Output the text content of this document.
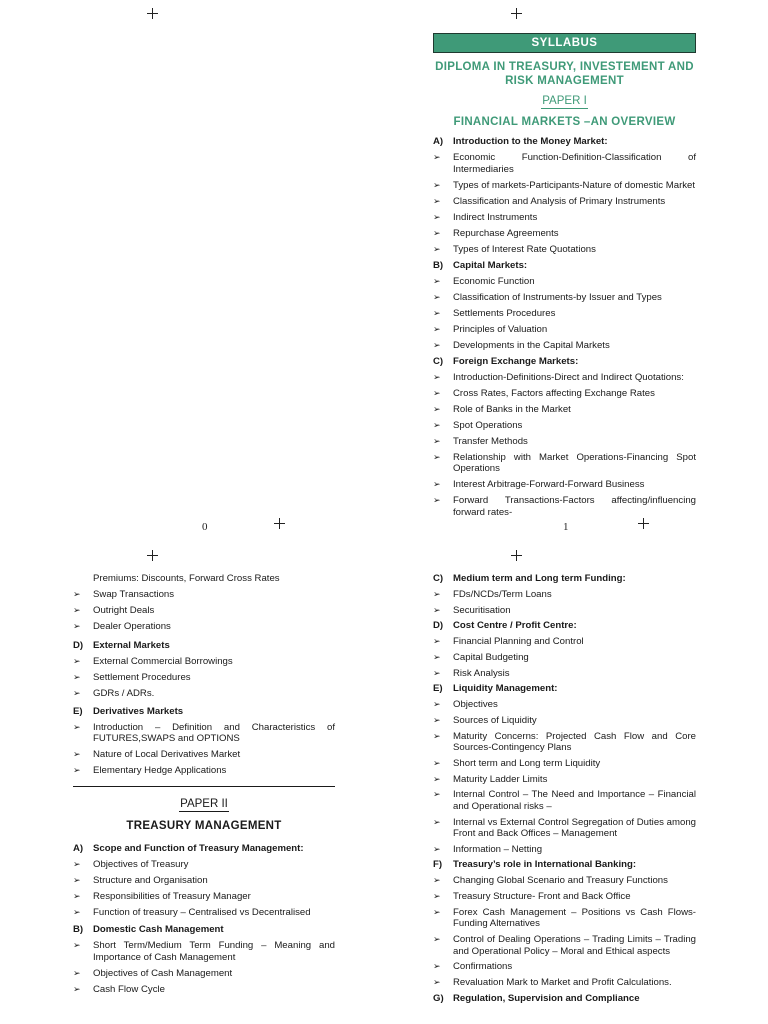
0	1
SYLLABUS
DIPLOMA IN TREASURY, INVESTEMENT AND RISK MANAGEMENT
PAPER I
FINANCIAL MARKETS –AN OVERVIEW
A)	Introduction to the Money Market:
➢	Economic Function-Definition-Classification of Intermediaries
➢	Types of markets-Participants-Nature of domestic Market
➢	Classification and Analysis of Primary Instruments
➢	Indirect Instruments
➢	Repurchase Agreements
➢	Types of Interest Rate Quotations
B)	Capital Markets:
➢	Economic Function
➢	Classification of Instruments-by Issuer and Types
➢	Settlements Procedures
➢	Principles of Valuation
➢	Developments in the Capital Markets
C)	Foreign Exchange Markets:
➢	Introduction-Definitions-Direct and Indirect Quotations:
➢	Cross Rates, Factors affecting Exchange Rates
➢	Role of Banks in the Market
➢	Spot Operations
➢	Transfer Methods
➢	Relationship with Market Operations-Financing Spot Operations
➢	Interest Arbitrage-Forward-Forward Business
➢	Forward Transactions-Factors affecting/influencing forward rates-
Premiums: Discounts, Forward Cross Rates
➢	Swap Transactions
➢	Outright Deals
➢	Dealer Operations
D)	External Markets
➢	External Commercial Borrowings
➢	Settlement Procedures
➢	GDRs / ADRs.
E)	Derivatives Markets
➢	Introduction – Definition and Characteristics of FUTURES,SWAPS and OPTIONS
➢	Nature of Local Derivatives Market
➢	Elementary Hedge Applications
PAPER II
TREASURY MANAGEMENT
A)	Scope and Function of Treasury Management:
➢	Objectives of Treasury
➢	Structure and Organisation
➢	Responsibilities of Treasury Manager
➢	Function of treasury – Centralised vs Decentralised
B)	Domestic Cash Management
➢	Short Term/Medium Term Funding – Meaning and Importance of Cash Management
➢	Objectives of Cash Management
➢	Cash Flow Cycle
C)	Medium term and Long term Funding:
➢	FDs/NCDs/Term Loans
➢	Securitisation
D)	Cost Centre / Profit Centre:
➢	Financial Planning and Control
➢	Capital Budgeting
➢	Risk Analysis
E)	Liquidity Management:
➢	Objectives
➢	Sources of Liquidity
➢	Maturity Concerns: Projected Cash Flow and Core Sources-Contingency Plans
➢	Short term and Long term Liquidity
➢	Maturity Ladder Limits
➢	Internal Control – The Need and Importance – Financial and Operational risks –
➢	Internal vs External Control Segregation of Duties among Front and Back Offices – Management
➢	Information – Netting
F)	Treasury’s role in International Banking:
➢	Changing Global Scenario and Treasury Functions
➢	Treasury Structure- Front and Back Office
➢	Forex Cash Management – Positions vs Cash Flows-Funding Alternatives
➢	Control of Dealing Operations – Trading Limits – Trading and Operational Policy – Moral and Ethical aspects
➢	Confirmations
➢	Revaluation Mark to Market and Profit Calculations.
G) Regulation, Supervision and Compliance
